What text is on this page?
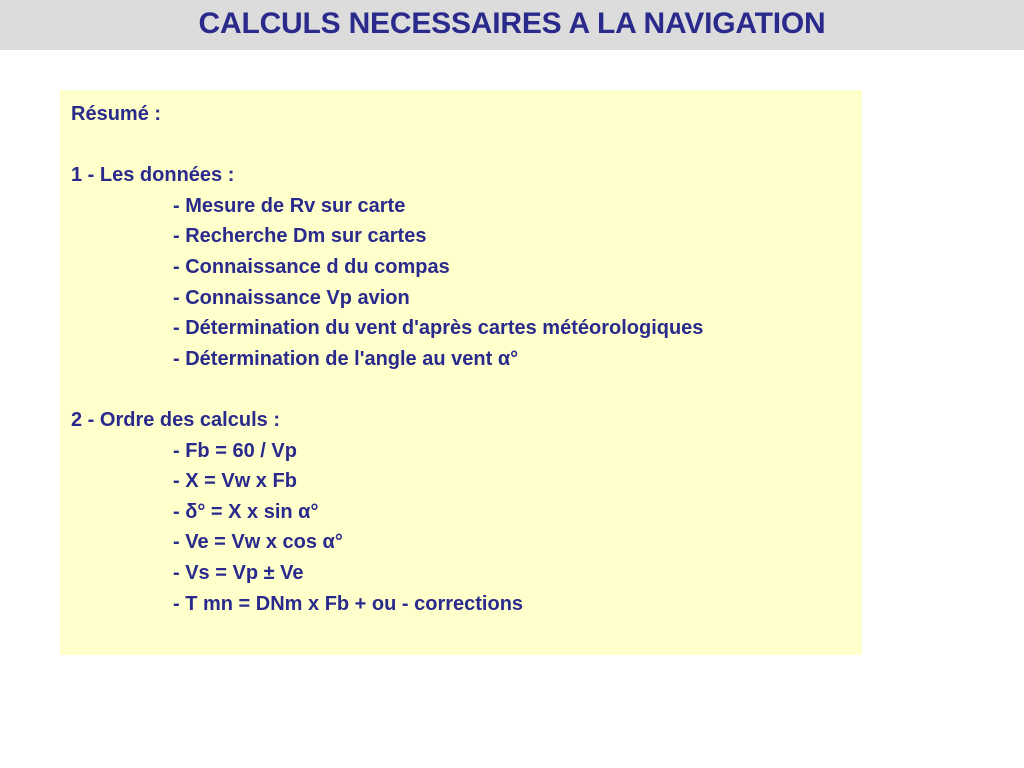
CALCULS NECESSAIRES A LA NAVIGATION
Résumé :
1 - Les données :
- Mesure de Rv sur carte
- Recherche Dm sur cartes
- Connaissance d du compas
- Connaissance Vp avion
- Détermination du vent d'après cartes météorologiques
- Détermination de l'angle au vent α°
2 - Ordre des calculs :
- Fb = 60 / Vp
- X = Vw x Fb
- δ° = X x sin α°
- Ve = Vw x cos α°
- Vs = Vp ± Ve
- T mn = DNm x Fb + ou - corrections
